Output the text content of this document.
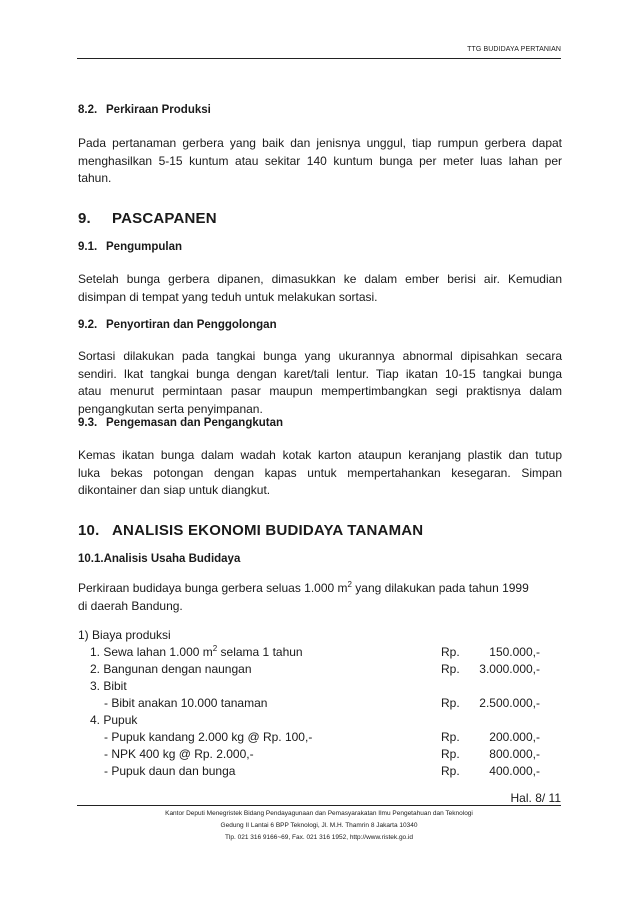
TTG BUDIDAYA PERTANIAN
8.2. Perkiraan Produksi
Pada pertanaman gerbera yang baik dan jenisnya unggul, tiap rumpun gerbera dapat
menghasilkan 5-15 kuntum atau sekitar 140 kuntum bunga per meter luas lahan per
tahun.
9. PASCAPANEN
9.1. Pengumpulan
Setelah bunga gerbera dipanen, dimasukkan ke dalam ember berisi air. Kemudian
disimpan di tempat yang teduh untuk melakukan sortasi.
9.2. Penyortiran dan Penggolongan
Sortasi dilakukan pada tangkai bunga yang ukurannya abnormal dipisahkan secara
sendiri. Ikat tangkai bunga dengan karet/tali lentur. Tiap ikatan 10-15 tangkai bunga
atau menurut permintaan pasar maupun mempertimbangkan segi praktisnya dalam
pengangkutan serta penyimpanan.
9.3. Pengemasan dan Pengangkutan
Kemas ikatan bunga dalam wadah kotak karton ataupun keranjang plastik dan tutup
luka bekas potongan dengan kapas untuk mempertahankan kesegaran. Simpan
dikontainer dan siap untuk diangkut.
10. ANALISIS EKONOMI BUDIDAYA TANAMAN
10.1.Analisis Usaha Budidaya
Perkiraan budidaya bunga gerbera seluas 1.000 $m^2$ yang dilakukan pada tahun 1999
di daerah Bandung.
1) Biaya produksi
1. Sewa lahan 1.000 $m^2$ selama 1 tahun	Rp. 150.000,-
2. Bangunan dengan naungan	Rp. 3.000.000,-
3. Bibit
- Bibit anakan 10.000 tanaman	Rp. 2.500.000,-
4. Pupuk
- Pupuk kandang 2.000 kg @ Rp. 100,-	Rp. 200.000,-
- NPK 400 kg @ Rp. 2.000,-	Rp. 800.000,-
- Pupuk daun dan bunga	Rp. 400.000,-
Hal. 8/ 11
Kantor Deputi Menegristek Bidang Pendayagunaan dan Pemasyarakatan Ilmu Pengetahuan dan Teknologi
Gedung II Lantai 6 BPP Teknologi, Jl. M.H. Thamrin 8 Jakarta 10340
Tlp. 021 316 9166~69, Fax. 021 316 1952, http://www.ristek.go.id
